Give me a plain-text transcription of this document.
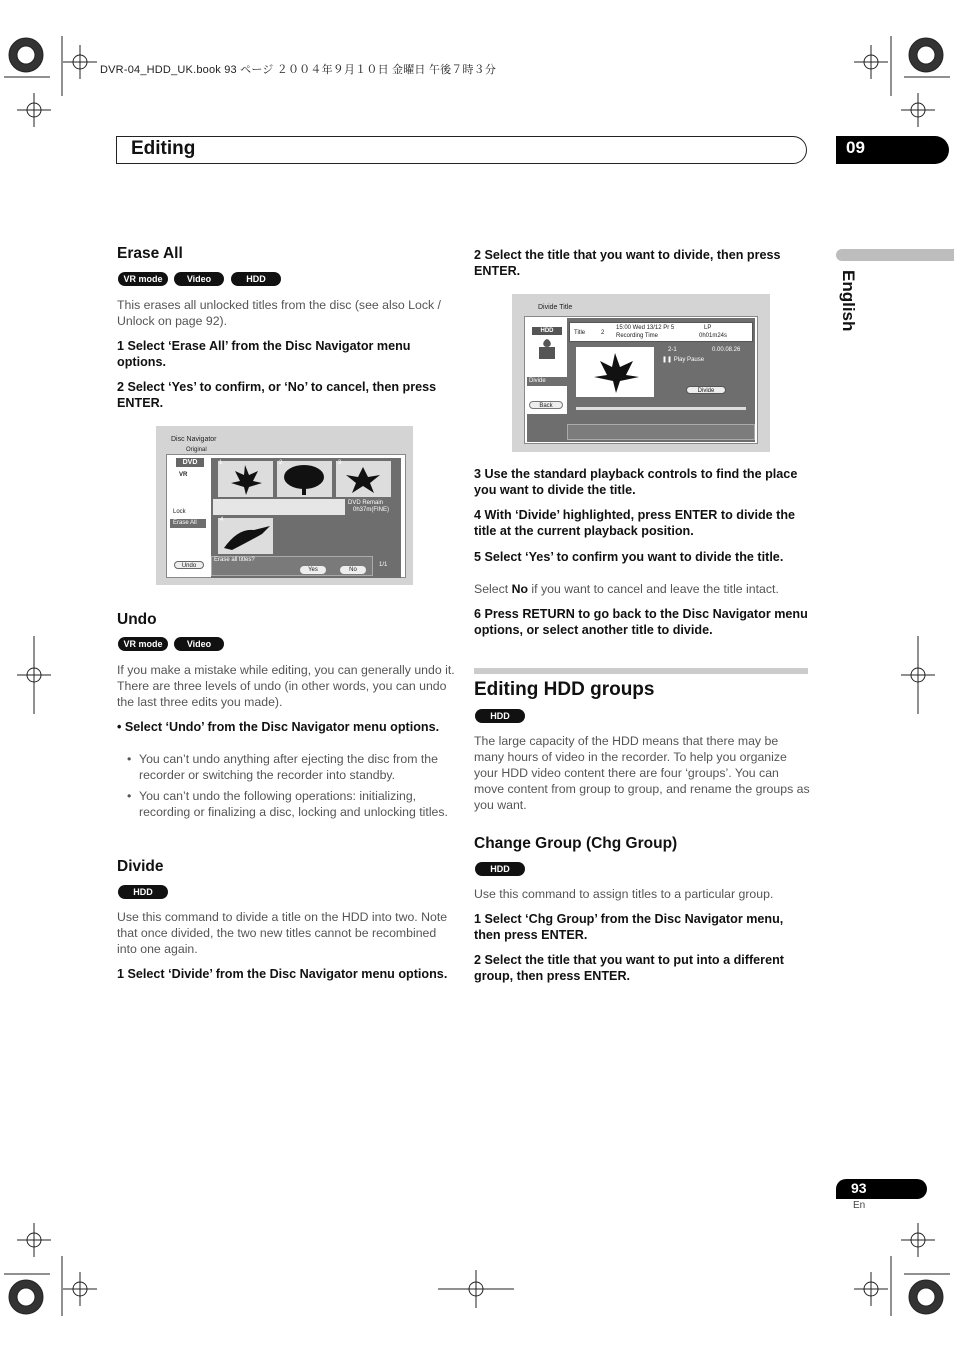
DVR-04_HDD_UK.book 93 ページ ２００４年９月１０日 金曜日 午後７時３分
Editing	09
English
Erase All
VR mode	Video mode
HDD
This erases all unlocked titles from the disc (see also Lock / Unlock on page 92).
1 Select ‘Erase All’ from the Disc Navigator menu options.
2 Select ‘Yes’ to confirm, or ‘No’ to cancel, then press ENTER.
Disc Navigator
Original
DVD
VR
Lock
Erase All
Undo
1	2	3
DVD Remain
0h37m(FINE)
4
Erase all titles?
Yes	No
1/1
Undo
VR mode	Video mode
If you make a mistake while editing, you can generally undo it. There are three levels of undo (in other words, you can undo the last three edits you made).
• Select ‘Undo’ from the Disc Navigator menu options.
• You can’t undo anything after ejecting the disc from the recorder or switching the recorder into standby.
• You can’t undo the following operations: initializing, recording or finalizing a disc, locking and unlocking titles.
Divide
HDD
Use this command to divide a title on the HDD into two. Note that once divided, the two new titles cannot be recombined into one again.
1 Select ‘Divide’ from the Disc Navigator menu options.
2 Select the title that you want to divide, then press ENTER.
Divide Title
HDD
Divide
Back
Title	2
15:00 Wed 13/12 Pr 5	LP
Recording Time	0h01m24s
2-1	0.00.08.26
❚❚ Play Pause
Divide
3 Use the standard playback controls to find the place you want to divide the title.
4 With ‘Divide’ highlighted, press ENTER to divide the title at the current playback position.
5 Select ‘Yes’ to confirm you want to divide the title.
Select No if you want to cancel and leave the title intact.
6 Press RETURN to go back to the Disc Navigator menu options, or select another title to divide.
Editing HDD groups
HDD
The large capacity of the HDD means that there may be many hours of video in the recorder. To help you organize your HDD video content there are four ‘groups’. You can move content from group to group, and rename the groups as you want.
Change Group (Chg Group)
HDD
Use this command to assign titles to a particular group.
1 Select ‘Chg Group’ from the Disc Navigator menu, then press ENTER.
2 Select the title that you want to put into a different group, then press ENTER.
93
En
